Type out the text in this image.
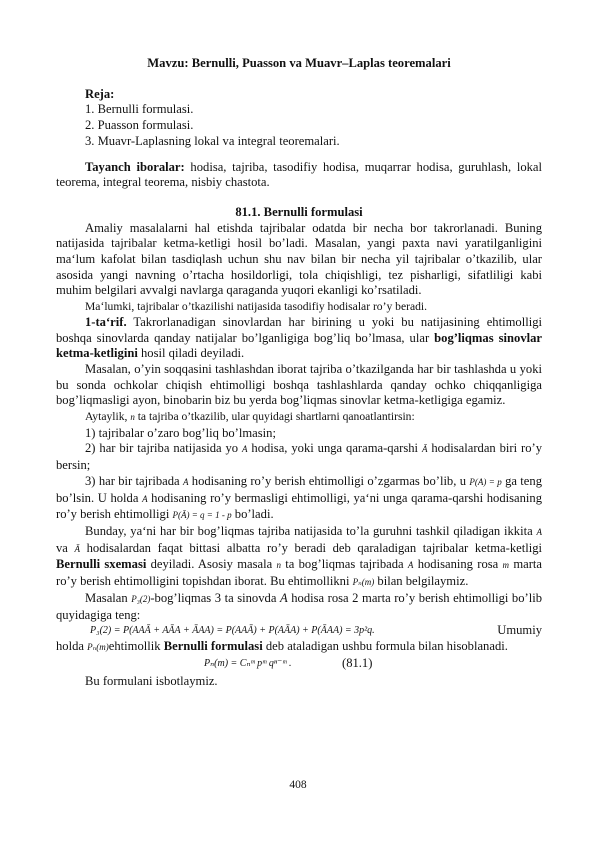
Mavzu: Bernulli, Puasson va Muavr–Laplas teoremalari
Reja:
1. Bernulli formulasi.
2. Puasson formulasi.
3. Muavr-Laplasning lokal va integral teoremalari.
Tayanch iboralar: hodisa, tajriba, tasodifiy hodisa, muqarrar hodisa, guruhlash, lokal teorema, integral teorema, nisbiy chastota.
81.1. Bernulli formulasi
Amaliy masalalarni hal etishda tajribalar odatda bir necha bor takrorlanadi. Buning natijasida tajribalar ketma-ketligi hosil bo’ladi. Masalan, yangi paxta navi yaratilganligini ma‘lum kafolat bilan tasdiqlash uchun shu nav bilan bir necha yil tajribalar o’tkazilib, ular asosida yangi navning o’rtacha hosildorligi, tola chiqishligi, tez pisharligi, sifatliligi kabi muhim belgilari avvalgi navlarga qaraganda yuqori ekanligi ko’rsatiladi.
Ma‘lumki, tajribalar o’tkazilishi natijasida tasodifiy hodisalar ro’y beradi.
1-ta‘rif. Takrorlanadigan sinovlardan har birining u yoki bu natijasining ehtimolligi boshqa sinovlarda qanday natijalar bo’lganligiga bog’liq bo’lmasa, ular bog’liqmas sinovlar ketma-ketligini hosil qiladi deyiladi.
Masalan, o’yin soqqasini tashlashdan iborat tajriba o’tkazilganda har bir tashlashda u yoki bu sonda ochkolar chiqish ehtimolligi boshqa tashlashlarda qanday ochko chiqqanligiga bog’liqmasligi ayon, binobarin biz bu yerda bog’liqmas sinovlar ketma-ketligiga egamiz.
Aytaylik, n ta tajriba o’tkazilib, ular quyidagi shartlarni qanoatlantirsin:
1) tajribalar o’zaro bog’liq bo’lmasin;
2) har bir tajriba natijasida yo A hodisa, yoki unga qarama-qarshi Ā hodisalardan biri ro’y bersin;
3) har bir tajribada A hodisaning ro’y berish ehtimolligi o’zgarmas bo’lib, u P(A) = p ga teng bo’lsin. U holda A hodisaning ro’y bermasligi ehtimolligi, ya‘ni unga qarama-qarshi hodisaning ro’y berish ehtimolligi P(Ā) = q = 1 - p bo’ladi.
Bunday, ya‘ni har bir bog’liqmas tajriba natijasida to’la guruhni tashkil qiladigan ikkita A va Ā hodisalardan faqat bittasi albatta ro’y beradi deb qaraladigan tajribalar ketma-ketligi Bernulli sxemasi deyiladi. Asosiy masala n ta bog’liqmas tajribada A hodisaning rosa m marta ro’y berish ehtimolligini topishdan iborat. Bu ehtimollikni Pₙ(m) bilan belgilaymiz.
Masalan P₃(2)-bog’liqmas 3 ta sinovda A hodisa rosa 2 marta ro’y berish ehtimolligi bo’lib quyidagiga teng:
P₃(2) = P(AAĀ + AĀA + ĀAA) = P(AAĀ) + P(AĀA) + P(ĀAA) = 3p²q.	Umumiy
holda Pₙ(m)ehtimollik Bernulli formulasi deb ataladigan ushbu formula bilan hisoblanadi.
Pₙ(m) = Cₙᵐ pᵐ qⁿ⁻ᵐ .	(81.1)
Bu formulani isbotlaymiz.
408
